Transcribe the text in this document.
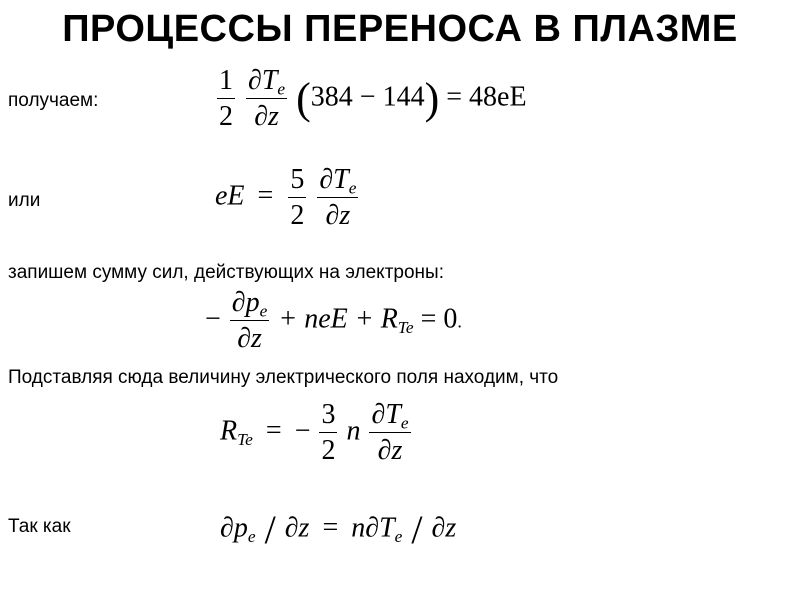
ПРОЦЕССЫ ПЕРЕНОСА В ПЛАЗМЕ
получаем:
или
запишем сумму сил, действующих на электроны:
Подставляя сюда величину электрического поля находим, что
Так как
$\frac{1}{2}$
$\frac{\partial T_e}{\partial z} (384 - 144) = 48eE$
eE = $\frac{5}{2}$
$\frac{\partial T_e}{\partial z}$
− $\frac{\partial p_e}{\partial z}$ + neE + $R_{Te} = 0$.
$R_{Te}$ = − $\frac{3}{2}$ n $\frac{\partial T_e}{\partial z}$
$\partial p_e / \partial z = n\partial T_e / \partial z$
